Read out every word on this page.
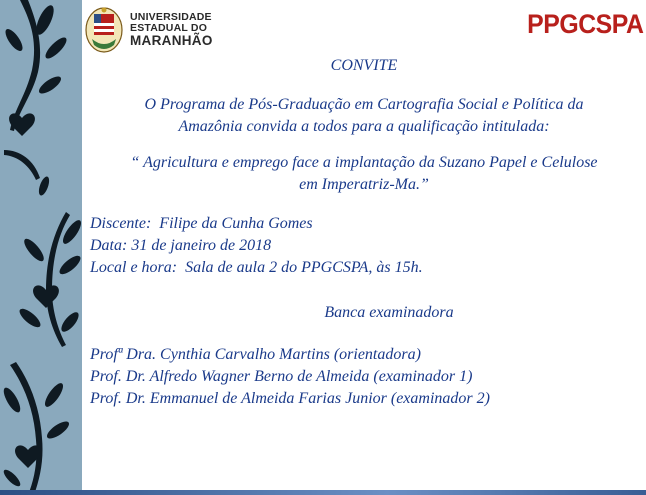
UNIVERSIDADE
ESTADUAL DO
MARANHÃO
PPGCSPA

CONVITE

O Programa de Pós-Graduação em Cartografia Social e Política da
Amazônia convida a todos para a qualificação intitulada:

“ Agricultura e emprego face a implantação da Suzano Papel e Celulose
em Imperatriz-Ma.”

Discente:  Filipe da Cunha Gomes
Data: 31 de janeiro de 2018
Local e hora:  Sala de aula 2 do PPGCSPA, às 15h.

Banca examinadora

Profª Dra. Cynthia Carvalho Martins (orientadora)
Prof. Dr. Alfredo Wagner Berno de Almeida (examinador 1)
Prof. Dr. Emmanuel de Almeida Farias Junior (examinador 2)
